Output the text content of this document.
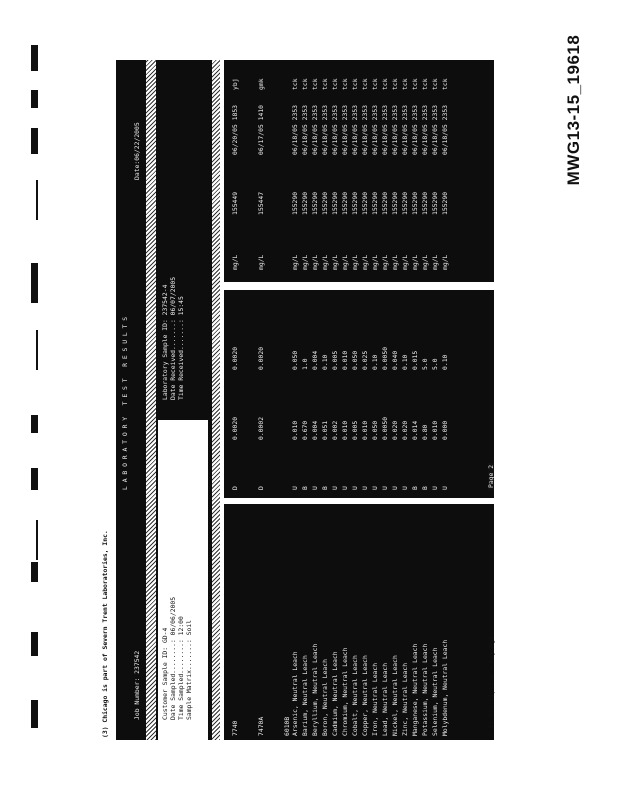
MWG13-15_19618
(3) Chicago is part of Severn Trent Laboratories, Inc.
L A B O R A T O R Y   T E S T   R E S U L T S
Job Number: 237542
Date:06/22/2005
Customer Sample ID: GD-4 Date Sampled........: 06/06/2005 Time Sampled........: 12:00 Sample Matrix.......: Soil
Laboratory Sample ID: 237542-4 Date Received.......: 06/07/2005 Time Received.......: 15:45

7740

D

0.0020

0.0020

mg/L

155449

06/20/05 1853

ybj

7470A

D

0.0002

0.0020

mg/L

155447

06/17/05 1410

gmk

6010B Arsenic, Neutral Leach
U
0.010
0.050
mg/L
155290
06/18/05 2353
tck
Barium, Neutral Leach
B
0.670
1.0
mg/L
155290
06/18/05 2353
tck
Beryllium, Neutral Leach
U
0.004
0.004
mg/L
155290
06/18/05 2353
tck
Boron, Neutral Leach
B
0.051
0.10
mg/L
155290
06/18/05 2353
tck
Cadmium, Neutral Leach
U
0.002
0.005
mg/L
155290
06/18/05 2353
tck
Chromium, Neutral Leach
U
0.010
0.010
mg/L
155290
06/18/05 2353
tck
Cobalt, Neutral Leach
U
0.005
0.050
mg/L
155290
06/18/05 2353
tck
Copper, Neutral Leach
U
0.010
0.025
mg/L
155290
06/18/05 2353
tck
Iron, Neutral Leach
U
0.050
0.10
mg/L
155290
06/18/05 2353
tck
Lead, Neutral Leach
U
0.0050
0.0050
mg/L
155290
06/18/05 2353
tck
Nickel, Neutral Leach
U
0.020
0.040
mg/L
155290
06/18/05 2353
tck
Zinc, Neutral Leach
U
0.020
0.10
mg/L
155290
06/18/05 2353
tck
Manganese, Neutral Leach
B
0.014
0.015
mg/L
155290
06/18/05 2353
tck
Potassium, Neutral Leach
B
0.80
5.0
mg/L
155290
06/18/05 2353
tck
Selenium, Neutral Leach
U
0.010
5.0
mg/L
155290
06/18/05 2353
tck
Molybdenum, Neutral Leach
U
0.000
0.10
mg/L
155290
06/18/05 2353
tck
* In Description = Dry Wgt.
Page 2
